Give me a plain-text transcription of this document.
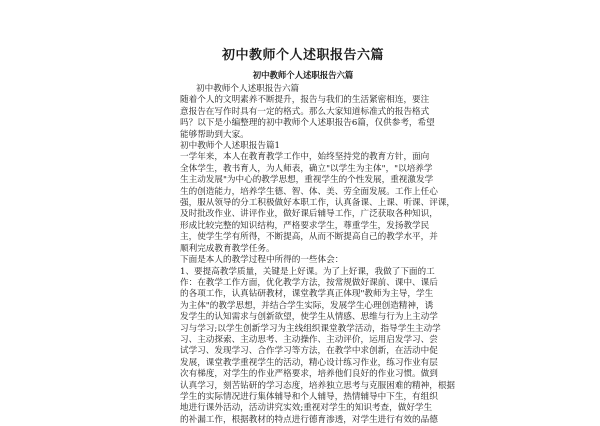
初中教师个人述职报告六篇
初中教师个人述职报告六篇

初中教师个人述职报告六篇

随着个人的文明素养不断提升，报告与我们的生活紧密相连，要注

意报告在写作时具有一定的格式。那么大家知道标准式的报告格式

吗？以下是小编整理的初中教师个人述职报告6篇，仅供参考，希望

能够帮助到大家。

初中教师个人述职报告篇1

一学年来，本人在教育教学工作中，始终坚持党的教育方针，面向

全体学生，教书育人，为人师表，确立"以学生为主体"，"以培养学

生主动发展"为中心的教学思想，重视学生的个性发展，重视激发学

生的创造能力，培养学生德、智、体、美、劳全面发展。工作上任心

强，服从领导的分工积极做好本职工作，认真备课、上课、听课、评课，

及时批改作业、讲评作业，做好课后辅导工作，广泛获取各种知识，

形成比较完整的知识结构，严格要求学生，尊重学生，发扬教学民

主，使学生学有所得，不断提高，从而不断提高自己的教学水平，并

顺利完成教育教学任务。

下面是本人的教学过程中所得的一些体会：

1、要提高教学质量，关键是上好课。为了上好课，我做了下面的工

作：在教学工作方面，优化教学方法，按常规做好课前、课中、课后

的各项工作，认真钻研教材，课堂教学真正体现"教师为主导，学生

为主体"的教学思想，并结合学生实际，发展学生心理创造精神，诱

发学生的认知需求与创新欲望，使学生从情感、思维与行为上主动学

习与学习;以学生创新学习为主线组织课堂教学活动，指导学生主动学

习、主动探索、主动思考、主动操作、主动评价，运用启发学习、尝

试学习、发现学习、合作学习等方法，在教学中求创新，在活动中促

发展，课堂教学重视学生的活动，精心设计练习作业，练习作业有层

次有梯度，对学生的作业严格要求，培养他们良好的作业习惯。做到

认真学习，刻苦钻研的学习态度，培养独立思考与克服困难的精神，根据

学生的实际情况进行集体辅导和个人辅导，热情辅导中下生，有组织

地进行课外活动，活动讲究实效;重视对学生的知识考查，做好学生

的补漏工作，根据教材的特点进行德育渗透，对学生进行有效的品德
